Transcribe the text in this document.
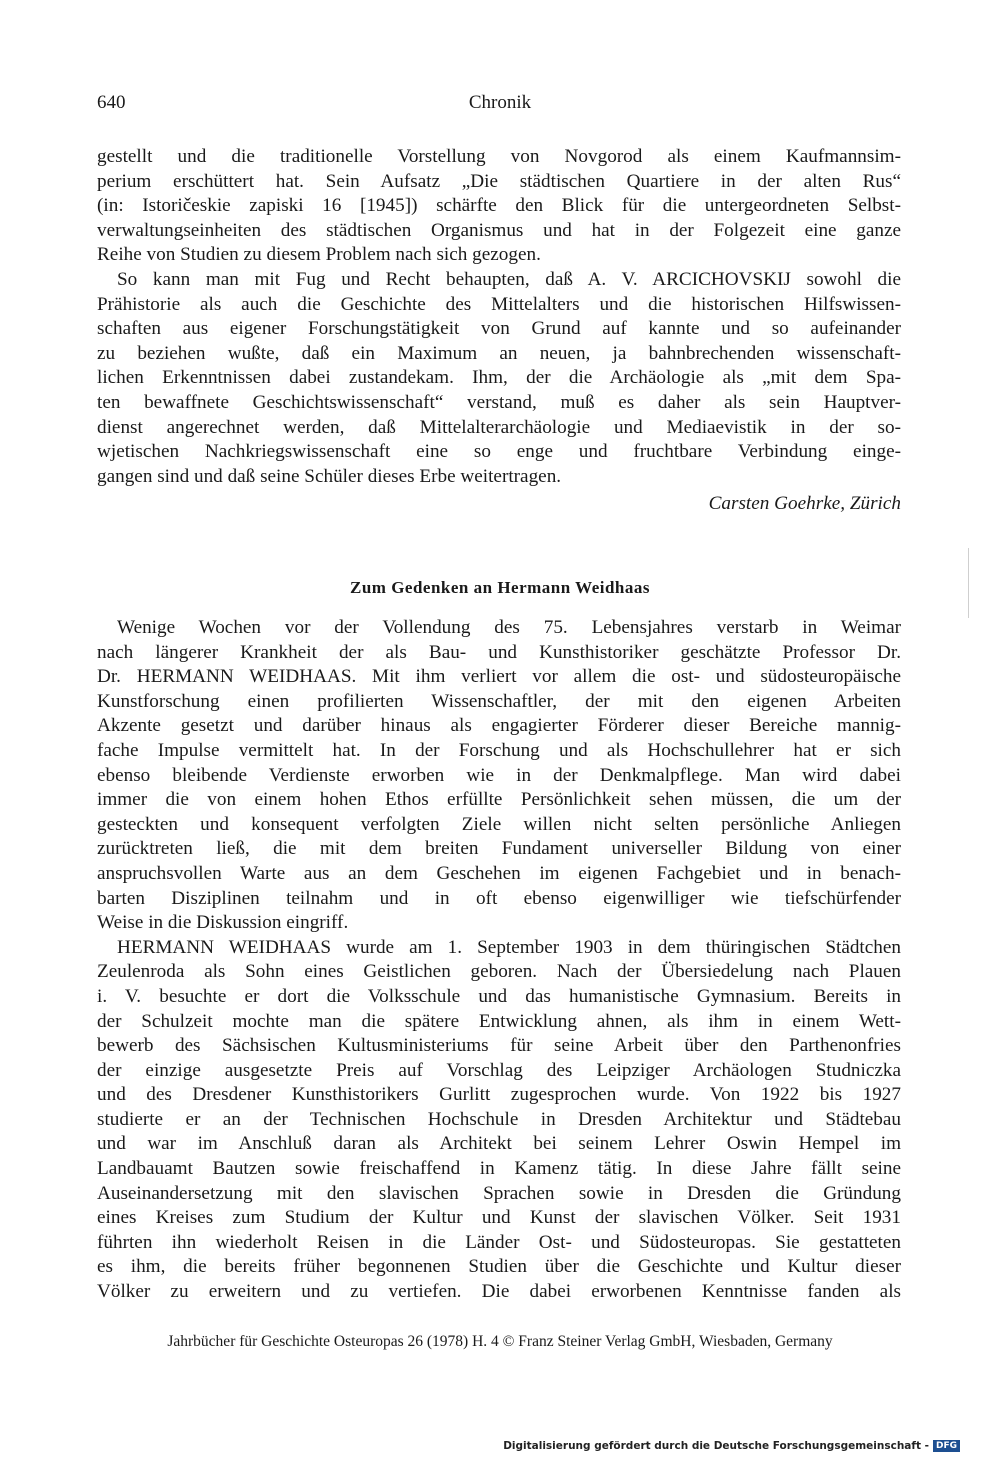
640	Chronik
gestellt und die traditionelle Vorstellung von Novgorod als einem Kaufmannsim-
perium erschüttert hat. Sein Aufsatz „Die städtischen Quartiere in der alten Rus“
(in: Istoričeskie zapiski 16 [1945]) schärfte den Blick für die untergeordneten Selbst-
verwaltungseinheiten des städtischen Organismus und hat in der Folgezeit eine ganze
Reihe von Studien zu diesem Problem nach sich gezogen.
So kann man mit Fug und Recht behaupten, daß A. V. ARCICHOVSKIJ sowohl die
Prähistorie als auch die Geschichte des Mittelalters und die historischen Hilfswissen-
schaften aus eigener Forschungstätigkeit von Grund auf kannte und so aufeinander
zu beziehen wußte, daß ein Maximum an neuen, ja bahnbrechenden wissenschaft-
lichen Erkenntnissen dabei zustandekam. Ihm, der die Archäologie als „mit dem Spa-
ten bewaffnete Geschichtswissenschaft“ verstand, muß es daher als sein Hauptver-
dienst angerechnet werden, daß Mittelalterarchäologie und Mediaevistik in der so-
wjetischen Nachkriegswissenschaft eine so enge und fruchtbare Verbindung einge-
gangen sind und daß seine Schüler dieses Erbe weitertragen.
Carsten Goehrke, Zürich
Zum Gedenken an Hermann Weidhaas
Wenige Wochen vor der Vollendung des 75. Lebensjahres verstarb in Weimar
nach längerer Krankheit der als Bau- und Kunsthistoriker geschätzte Professor Dr.
Dr. HERMANN WEIDHAAS. Mit ihm verliert vor allem die ost- und südosteuropäische
Kunstforschung einen profilierten Wissenschaftler, der mit den eigenen Arbeiten
Akzente gesetzt und darüber hinaus als engagierter Förderer dieser Bereiche mannig-
fache Impulse vermittelt hat. In der Forschung und als Hochschullehrer hat er sich
ebenso bleibende Verdienste erworben wie in der Denkmalpflege. Man wird dabei
immer die von einem hohen Ethos erfüllte Persönlichkeit sehen müssen, die um der
gesteckten und konsequent verfolgten Ziele willen nicht selten persönliche Anliegen
zurücktreten ließ, die mit dem breiten Fundament universeller Bildung von einer
anspruchsvollen Warte aus an dem Geschehen im eigenen Fachgebiet und in benach-
barten Disziplinen teilnahm und in oft ebenso eigenwilliger wie tiefschürfender
Weise in die Diskussion eingriff.
HERMANN WEIDHAAS wurde am 1. September 1903 in dem thüringischen Städtchen
Zeulenroda als Sohn eines Geistlichen geboren. Nach der Übersiedelung nach Plauen
i. V. besuchte er dort die Volksschule und das humanistische Gymnasium. Bereits in
der Schulzeit mochte man die spätere Entwicklung ahnen, als ihm in einem Wett-
bewerb des Sächsischen Kultusministeriums für seine Arbeit über den Parthenonfries
der einzige ausgesetzte Preis auf Vorschlag des Leipziger Archäologen Studniczka
und des Dresdener Kunsthistorikers Gurlitt zugesprochen wurde. Von 1922 bis 1927
studierte er an der Technischen Hochschule in Dresden Architektur und Städtebau
und war im Anschluß daran als Architekt bei seinem Lehrer Oswin Hempel im
Landbauamt Bautzen sowie freischaffend in Kamenz tätig. In diese Jahre fällt seine
Auseinandersetzung mit den slavischen Sprachen sowie in Dresden die Gründung
eines Kreises zum Studium der Kultur und Kunst der slavischen Völker. Seit 1931
führten ihn wiederholt Reisen in die Länder Ost- und Südosteuropas. Sie gestatteten
es ihm, die bereits früher begonnenen Studien über die Geschichte und Kultur dieser
Völker zu erweitern und zu vertiefen. Die dabei erworbenen Kenntnisse fanden als
Jahrbücher für Geschichte Osteuropas 26 (1978) H. 4 © Franz Steiner Verlag GmbH, Wiesbaden, Germany
Digitalisierung gefördert durch die Deutsche Forschungsgemeinschaft - DFG
